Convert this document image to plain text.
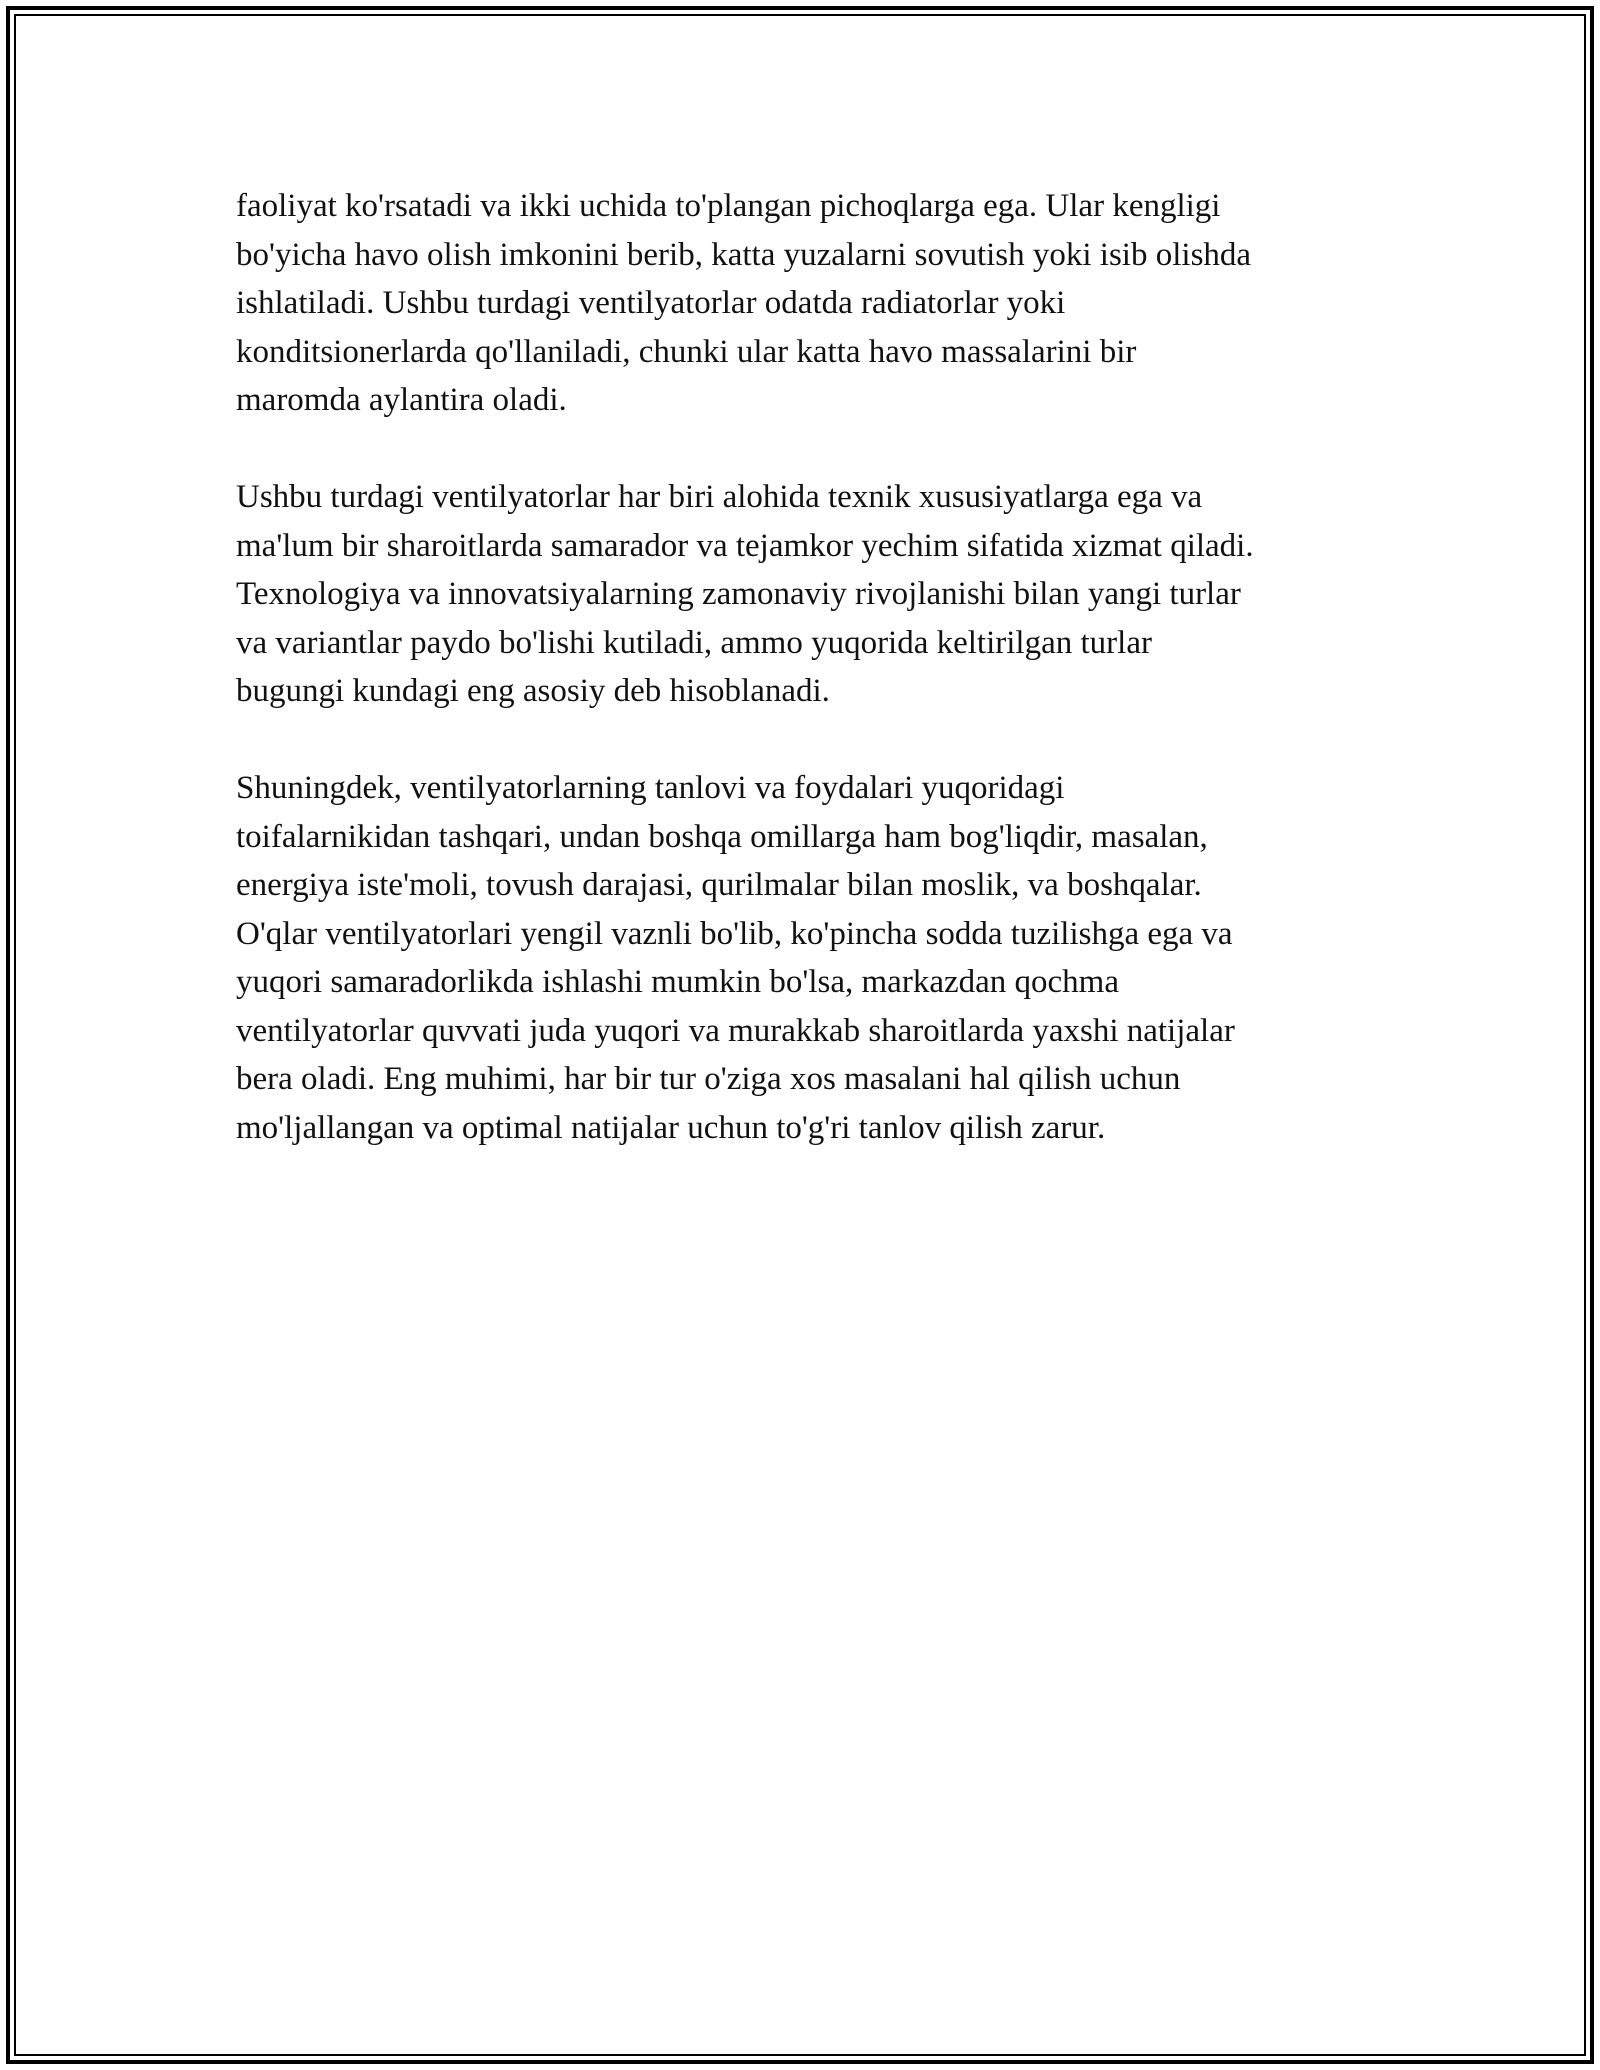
faoliyat ko'rsatadi va ikki uchida to'plangan pichoqlarga ega. Ular kengligi
bo'yicha havo olish imkonini berib, katta yuzalarni sovutish yoki isib olishda
ishlatiladi. Ushbu turdagi ventilyatorlar odatda radiatorlar yoki
konditsionerlarda qo'llaniladi, chunki ular katta havo massalarini bir
maromda aylantira oladi.

Ushbu turdagi ventilyatorlar har biri alohida texnik xususiyatlarga ega va
ma'lum bir sharoitlarda samarador va tejamkor yechim sifatida xizmat qiladi.
Texnologiya va innovatsiyalarning zamonaviy rivojlanishi bilan yangi turlar
va variantlar paydo bo'lishi kutiladi, ammo yuqorida keltirilgan turlar
bugungi kundagi eng asosiy deb hisoblanadi.

Shuningdek, ventilyatorlarning tanlovi va foydalari yuqoridagi
toifalarnikidan tashqari, undan boshqa omillarga ham bog'liqdir, masalan,
energiya iste'moli, tovush darajasi, qurilmalar bilan moslik, va boshqalar.
O'qlar ventilyatorlari yengil vaznli bo'lib, ko'pincha sodda tuzilishga ega va
yuqori samaradorlikda ishlashi mumkin bo'lsa, markazdan qochma
ventilyatorlar quvvati juda yuqori va murakkab sharoitlarda yaxshi natijalar
bera oladi. Eng muhimi, har bir tur o'ziga xos masalani hal qilish uchun
mo'ljallangan va optimal natijalar uchun to'g'ri tanlov qilish zarur.
